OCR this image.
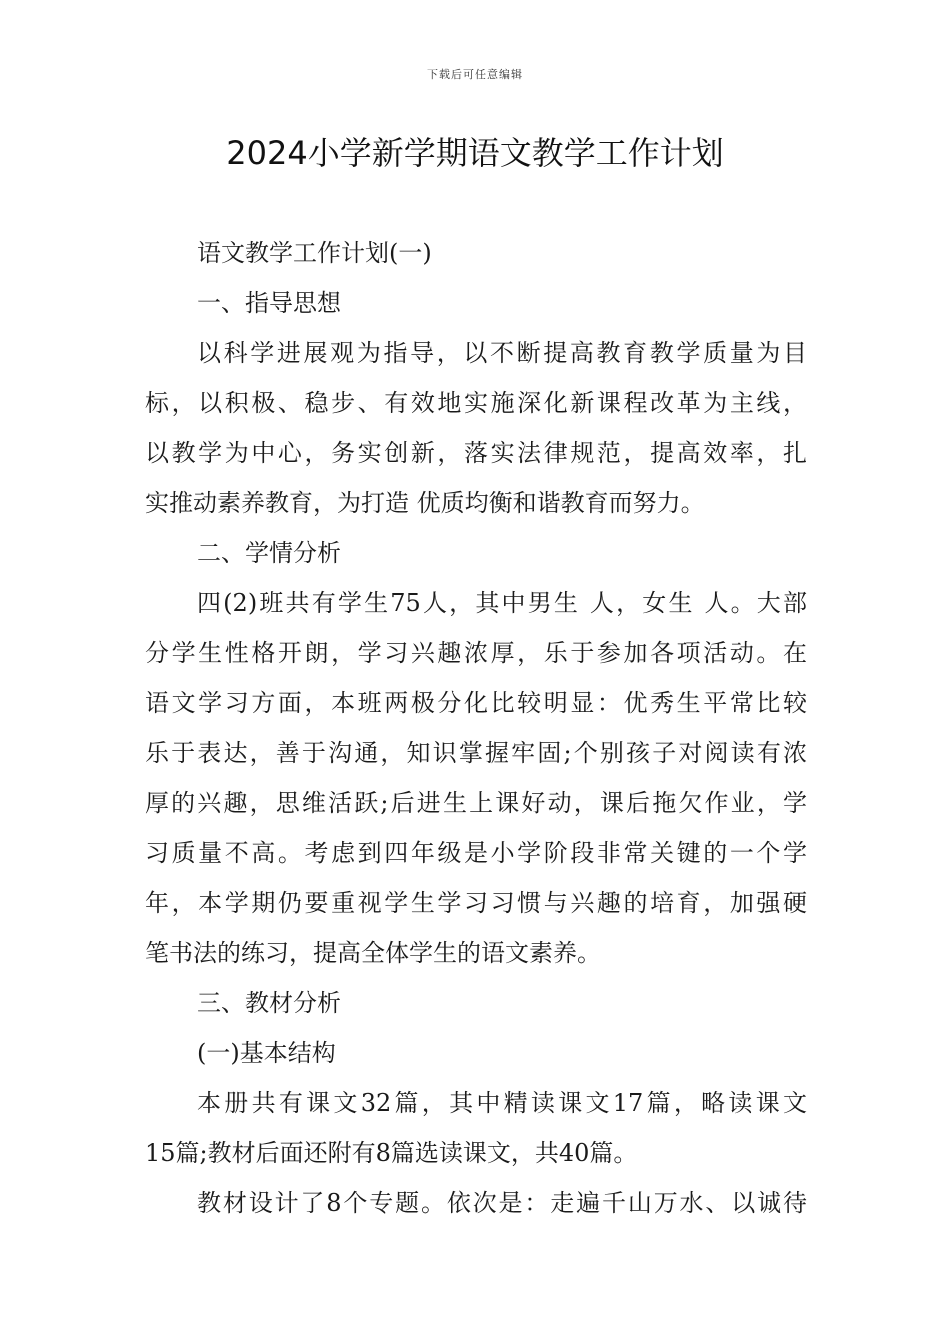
下载后可任意编辑
2024小学新学期语文教学工作计划
语文教学工作计划(一)
一、指导思想
以科学进展观为指导，以不断提高教育教学质量为目
标，以积极、稳步、有效地实施深化新课程改革为主线，
以教学为中心，务实创新，落实法律规范，提高效率，扎
实推动素养教育，为打造 优质均衡和谐教育而努力。
二、学情分析
四(2)班共有学生75人，其中男生 人，女生 人。大部
分学生性格开朗，学习兴趣浓厚，乐于参加各项活动。在
语文学习方面，本班两极分化比较明显：优秀生平常比较
乐于表达，善于沟通，知识掌握牢固;个别孩子对阅读有浓
厚的兴趣，思维活跃;后进生上课好动，课后拖欠作业，学
习质量不高。考虑到四年级是小学阶段非常关键的一个学
年，本学期仍要重视学生学习习惯与兴趣的培育，加强硬
笔书法的练习，提高全体学生的语文素养。
三、教材分析
(一)基本结构
本册共有课文32篇，其中精读课文17篇，略读课文
15篇;教材后面还附有8篇选读课文，共40篇。
教材设计了8个专题。依次是：走遍千山万水、以诚待
